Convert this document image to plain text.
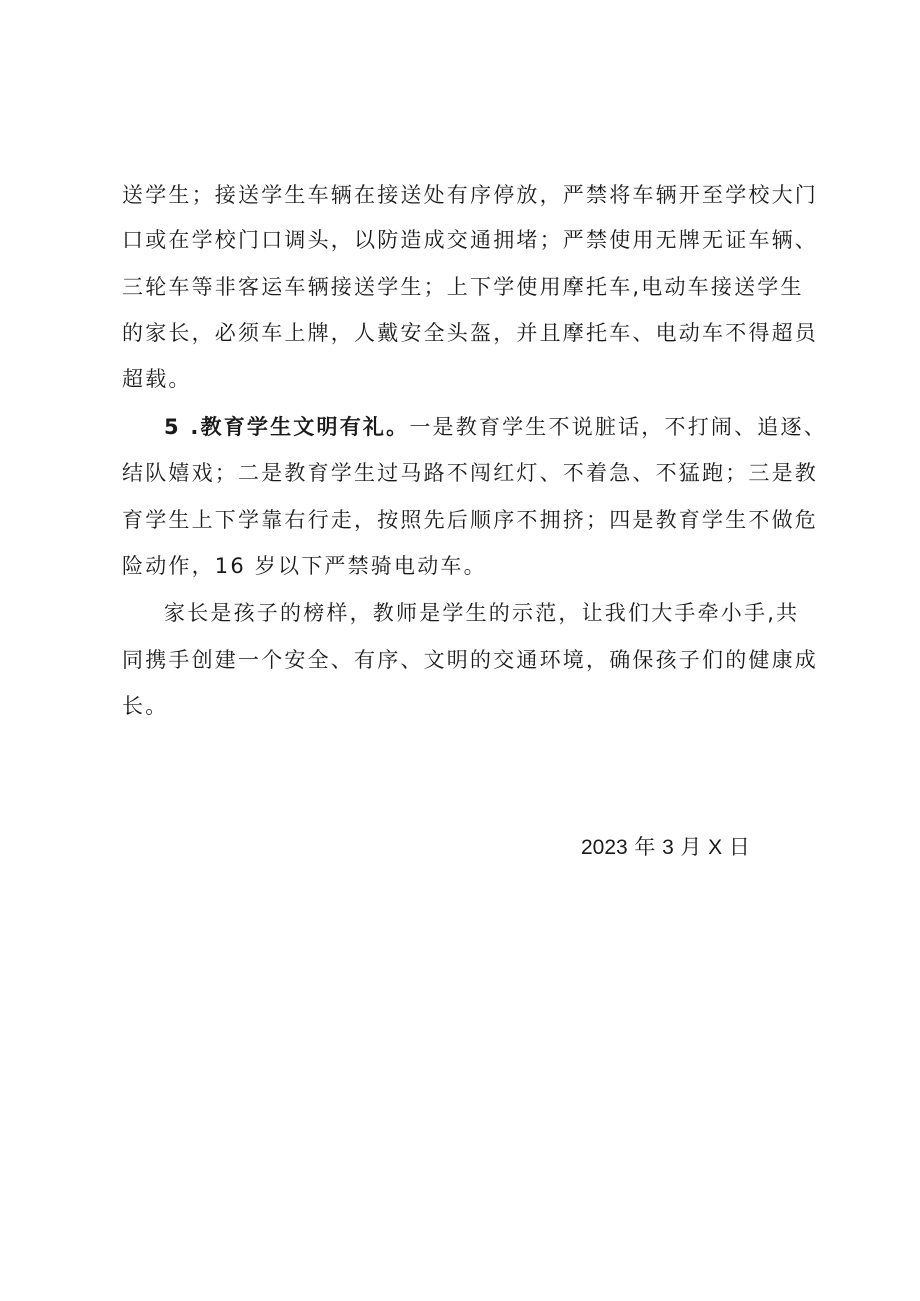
送学生；接送学生车辆在接送处有序停放，严禁将车辆开至学校大门
口或在学校门口调头，以防造成交通拥堵；严禁使用无牌无证车辆、
三轮车等非客运车辆接送学生；上下学使用摩托车,电动车接送学生
的家长，必须车上牌，人戴安全头盔，并且摩托车、电动车不得超员
超载。
5 .教育学生文明有礼。一是教育学生不说脏话，不打闹、追逐、
结队嬉戏；二是教育学生过马路不闯红灯、不着急、不猛跑；三是教
育学生上下学靠右行走，按照先后顺序不拥挤；四是教育学生不做危
险动作，16 岁以下严禁骑电动车。
家长是孩子的榜样，教师是学生的示范，让我们大手牵小手,共
同携手创建一个安全、有序、文明的交通环境，确保孩子们的健康成
长。
2023 年 3 月 X 日
